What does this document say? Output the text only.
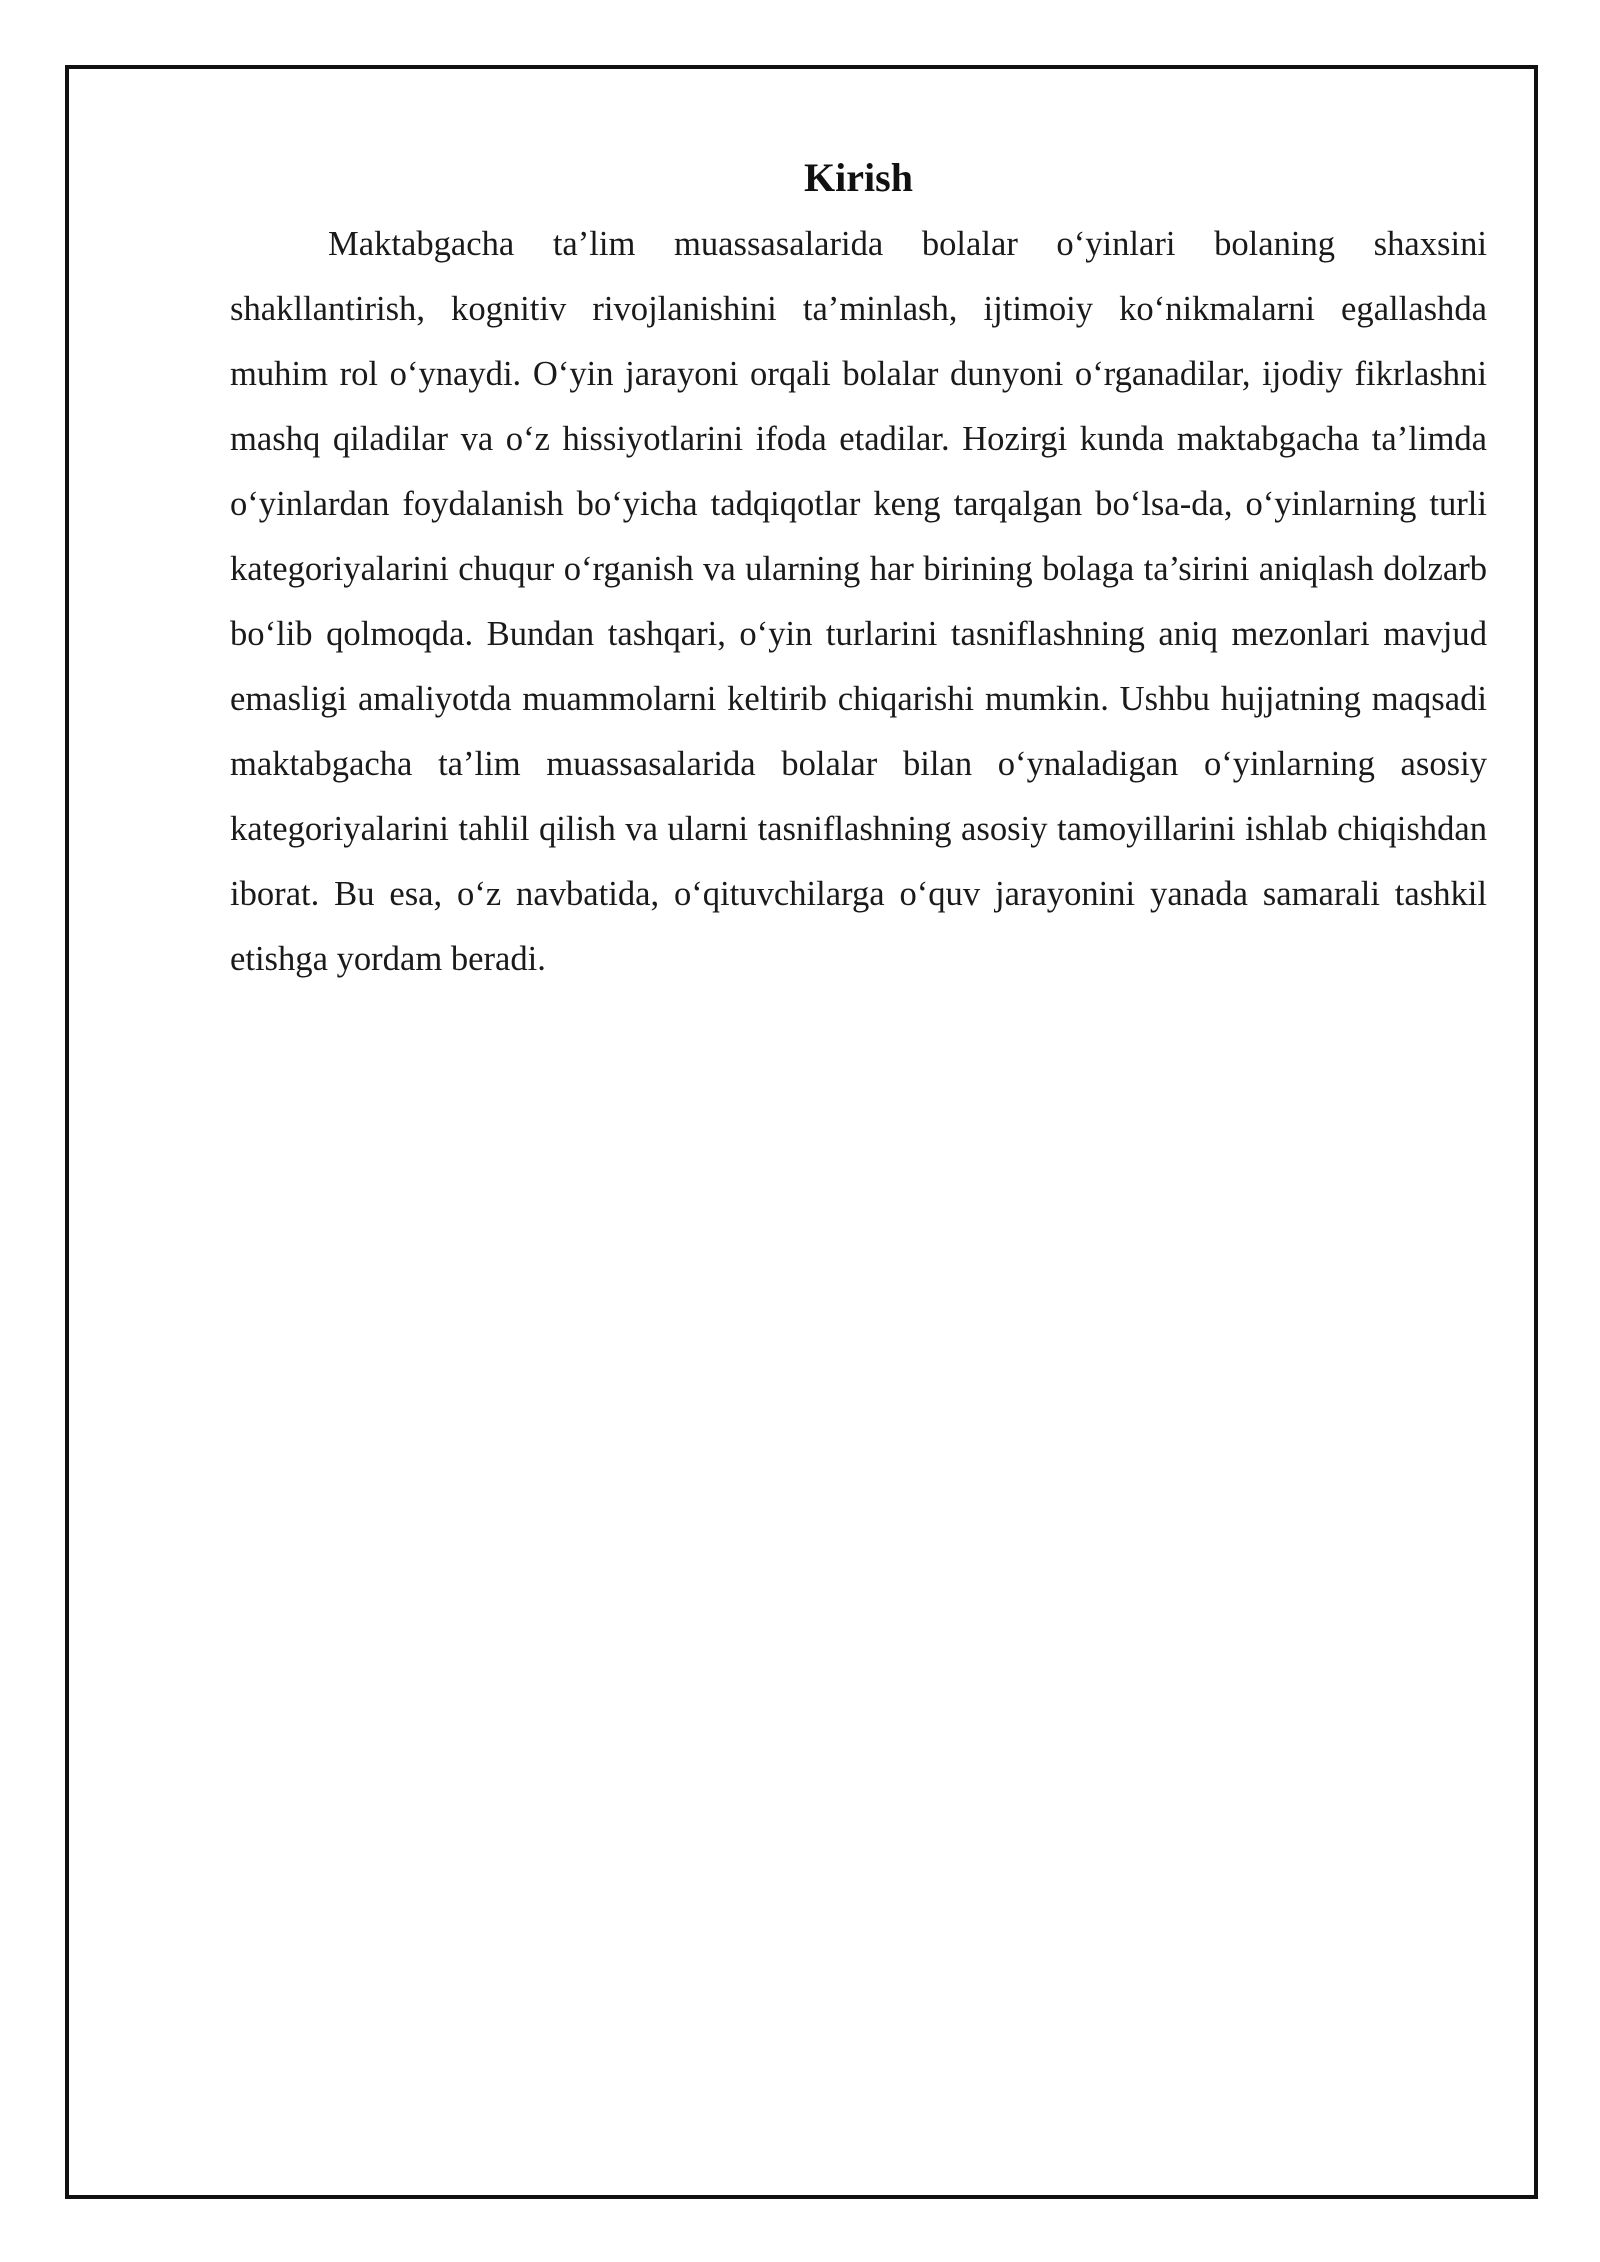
Kirish

Maktabgacha ta’lim muassasalarida bolalar o‘yinlari bolaning shaxsini shakllantirish, kognitiv rivojlanishini ta’minlash, ijtimoiy ko‘nikmalarni egallashda muhim rol o‘ynaydi. O‘yin jarayoni orqali bolalar dunyoni o‘rganadilar, ijodiy fikrlashni mashq qiladilar va o‘z hissiyotlarini ifoda etadilar. Hozirgi kunda maktabgacha ta’limda o‘yinlardan foydalanish bo‘yicha tadqiqotlar keng tarqalgan bo‘lsa-da, o‘yinlarning turli kategoriyalarini chuqur o‘rganish va ularning har birining bolaga ta’sirini aniqlash dolzarb bo‘lib qolmoqda. Bundan tashqari, o‘yin turlarini tasniflashning aniq mezonlari mavjud emasligi amaliyotda muammolarni keltirib chiqarishi mumkin. Ushbu hujjatning maqsadi maktabgacha ta’lim muassasalarida bolalar bilan o‘ynaladigan o‘yinlarning asosiy kategoriyalarini tahlil qilish va ularni tasniflashning asosiy tamoyillarini ishlab chiqishdan iborat. Bu esa, o‘z navbatida, o‘qituvchilarga o‘quv jarayonini yanada samarali tashkil etishga yordam beradi.
